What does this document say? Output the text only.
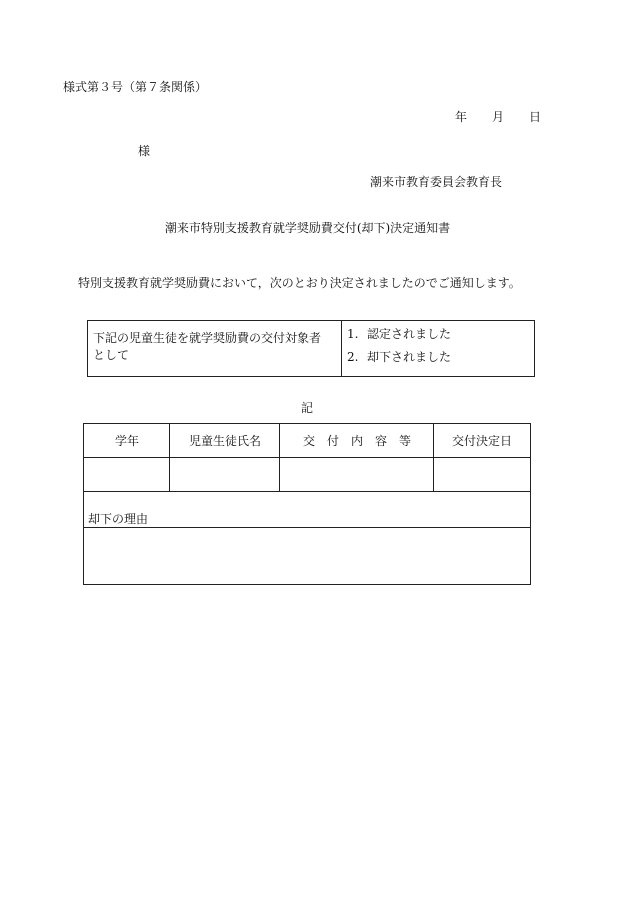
様式第３号（第７条関係）
年 月 日
様
潮来市教育委員会教育長
潮来市特別支援教育就学奨励費交付(却下)決定通知書
特別支援教育就学奨励費において，次のとおり決定されましたのでご通知します。
下記の児童生徒を就学奨励費の交付対象者
として
1. 認定されました
2. 却下されました
記
学年	児童生徒氏名	交　付　内　容　等	交付決定日
却下の理由
